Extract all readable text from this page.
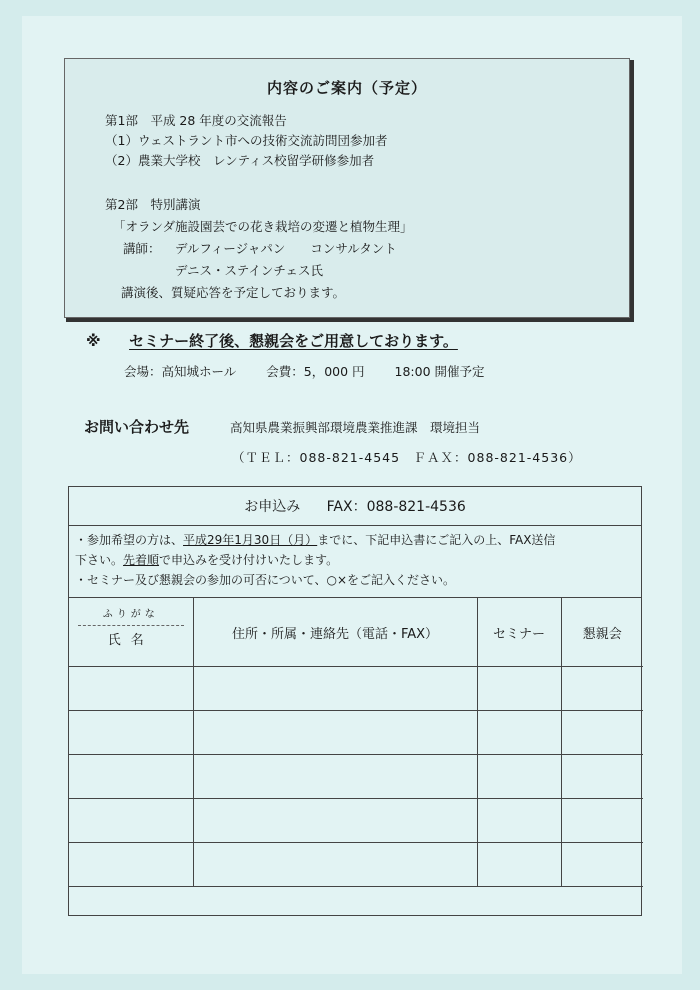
内容のご案内（予定）
第1部　平成 28 年度の交流報告
（1）ウェストラント市への技術交流訪問団参加者
（2）農業大学校　レンティス校留学研修参加者
第2部　特別講演
「オランダ施設園芸での花き栽培の変遷と植物生理」
講師： デルフィージャパン　　コンサルタント
デニス・ステインチェス氏
講演後、質疑応答を予定しております。
※ セミナー終了後、懇親会をご用意しております。
会場：高知城ホール 会費：5，000 円 18:00 開催予定
お問い合わせ先	高知県農業振興部環境農業推進課　環境担当
（ＴＥＬ：088-821-4545　ＦＡＸ：088-821-4536）
お申込み FAX：088-821-4536
・参加希望の方は、平成29年1月30日（月）までに、下記申込書にご記入の上、FAX送信
下さい。先着順で申込みを受け付けいたします。
・セミナー及び懇親会の参加の可否について、○×をご記入ください。
ふりがな
氏名	住所・所属・連絡先（電話・FAX）	セミナー	懇親会
